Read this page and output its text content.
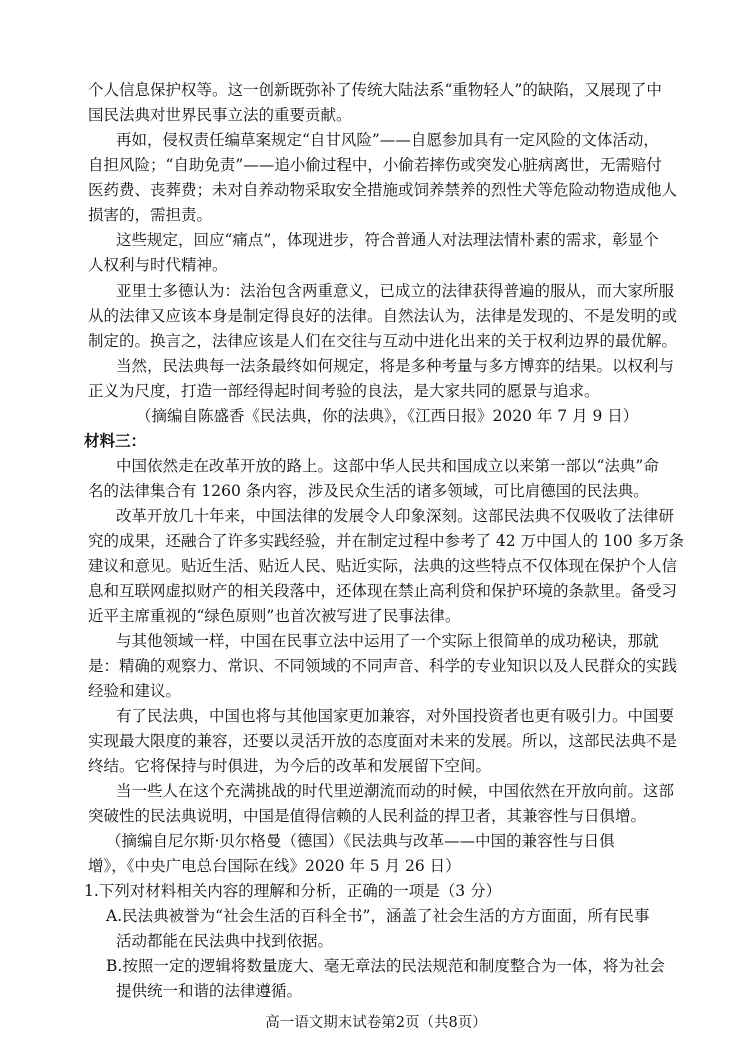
个人信息保护权等。这一创新既弥补了传统大陆法系“重物轻人”的缺陷，又展现了中
国民法典对世界民事立法的重要贡献。
再如，侵权责任编草案规定“自甘风险”——自愿参加具有一定风险的文体活动，
自担风险；“自助免责”——追小偷过程中，小偷若摔伤或突发心脏病离世，无需赔付
医药费、丧葬费；未对自养动物采取安全措施或饲养禁养的烈性犬等危险动物造成他人
损害的，需担责。
这些规定，回应“痛点”，体现进步，符合普通人对法理法情朴素的需求，彰显个
人权利与时代精神。
亚里士多德认为：法治包含两重意义，已成立的法律获得普遍的服从，而大家所服
从的法律又应该本身是制定得良好的法律。自然法认为，法律是发现的、不是发明的或
制定的。换言之，法律应该是人们在交往与互动中进化出来的关于权利边界的最优解。
当然，民法典每一法条最终如何规定，将是多种考量与多方博弈的结果。以权利与
正义为尺度，打造一部经得起时间考验的良法，是大家共同的愿景与追求。
（摘编自陈盛香《民法典，你的法典》，《江西日报》2020 年 7 月 9 日）
材料三：
中国依然走在改革开放的路上。这部中华人民共和国成立以来第一部以“法典”命
名的法律集合有 1260 条内容，涉及民众生活的诸多领域，可比肩德国的民法典。
改革开放几十年来，中国法律的发展令人印象深刻。这部民法典不仅吸收了法律研
究的成果，还融合了许多实践经验，并在制定过程中参考了 42 万中国人的 100 多万条
建议和意见。贴近生活、贴近人民、贴近实际，法典的这些特点不仅体现在保护个人信
息和互联网虚拟财产的相关段落中，还体现在禁止高利贷和保护环境的条款里。备受习
近平主席重视的“绿色原则”也首次被写进了民事法律。
与其他领域一样，中国在民事立法中运用了一个实际上很简单的成功秘诀，那就
是：精确的观察力、常识、不同领域的不同声音、科学的专业知识以及人民群众的实践
经验和建议。
有了民法典，中国也将与其他国家更加兼容，对外国投资者也更有吸引力。中国要
实现最大限度的兼容，还要以灵活开放的态度面对未来的发展。所以，这部民法典不是
终结。它将保持与时俱进，为今后的改革和发展留下空间。
当一些人在这个充满挑战的时代里逆潮流而动的时候，中国依然在开放向前。这部
突破性的民法典说明，中国是值得信赖的人民利益的捍卫者，其兼容性与日俱增。
（摘编自尼尔斯·贝尔格曼（德国）《民法典与改革——中国的兼容性与日俱
增》，《中央广电总台国际在线》2020 年 5 月 26 日）
1.下列对材料相关内容的理解和分析，正确的一项是（3 分）
A.民法典被誉为“社会生活的百科全书”，涵盖了社会生活的方方面面，所有民事
活动都能在民法典中找到依据。
B.按照一定的逻辑将数量庞大、毫无章法的民法规范和制度整合为一体，将为社会
提供统一和谐的法律遵循。
高一语文期末试卷第2页（共8页）
